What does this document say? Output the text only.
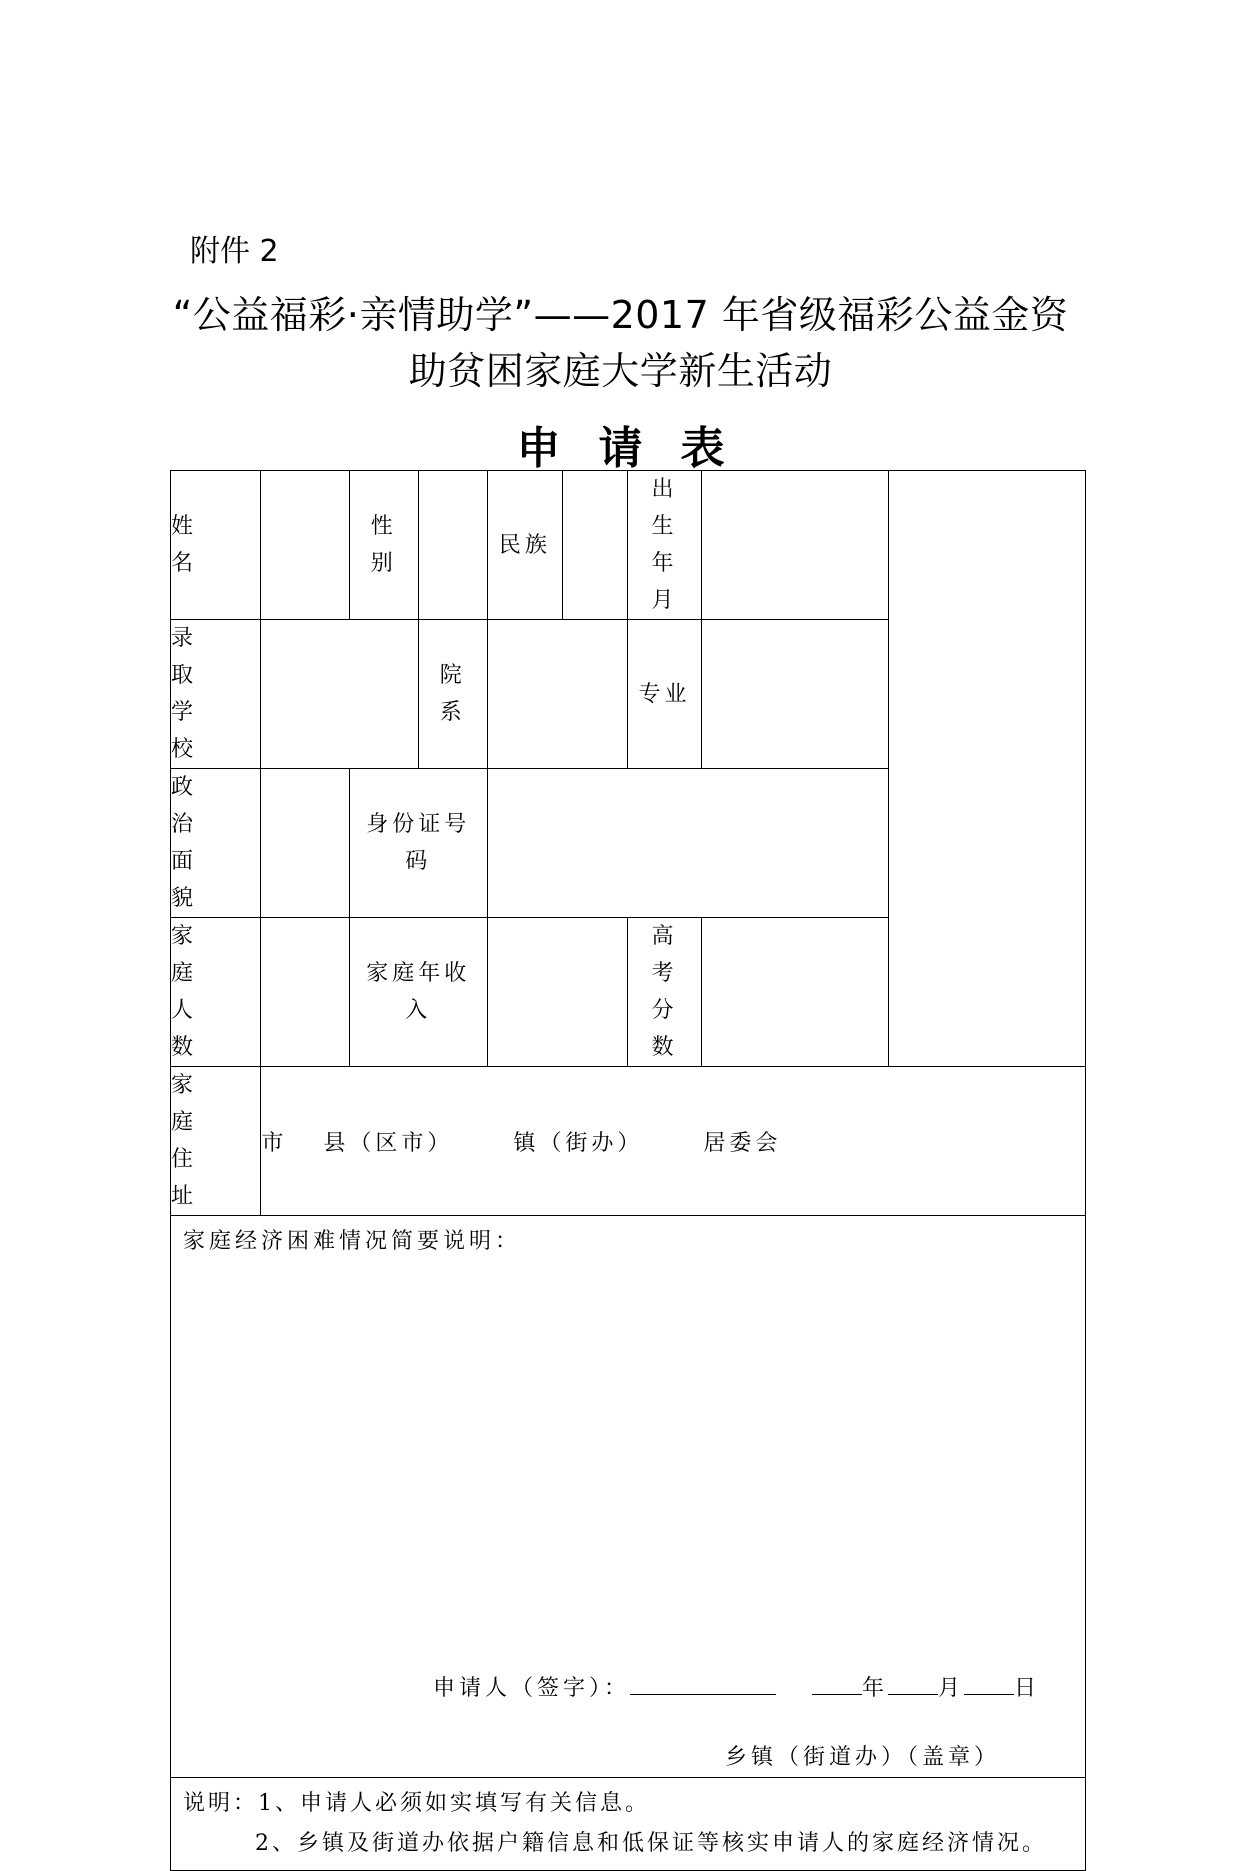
附件 2
“公益福彩·亲情助学”——2017 年省级福彩公益金资
助贫困家庭大学新生活动
申请表
姓名		性别		民族		出生年月		

录取学校			院系			专业		

政治面貌		身份证号码						

家庭人数		家庭年收入				高考分数		

家庭住址	市 县（区市） 镇（街办） 居委会							

家庭经济困难情况简要说明：
申请人（签字）： 年 月 日
乡镇（街道办）（盖章）								

说明：1、申请人必须如实填写有关信息。
2、乡镇及街道办依据户籍信息和低保证等核实申请人的家庭经济情况。								
